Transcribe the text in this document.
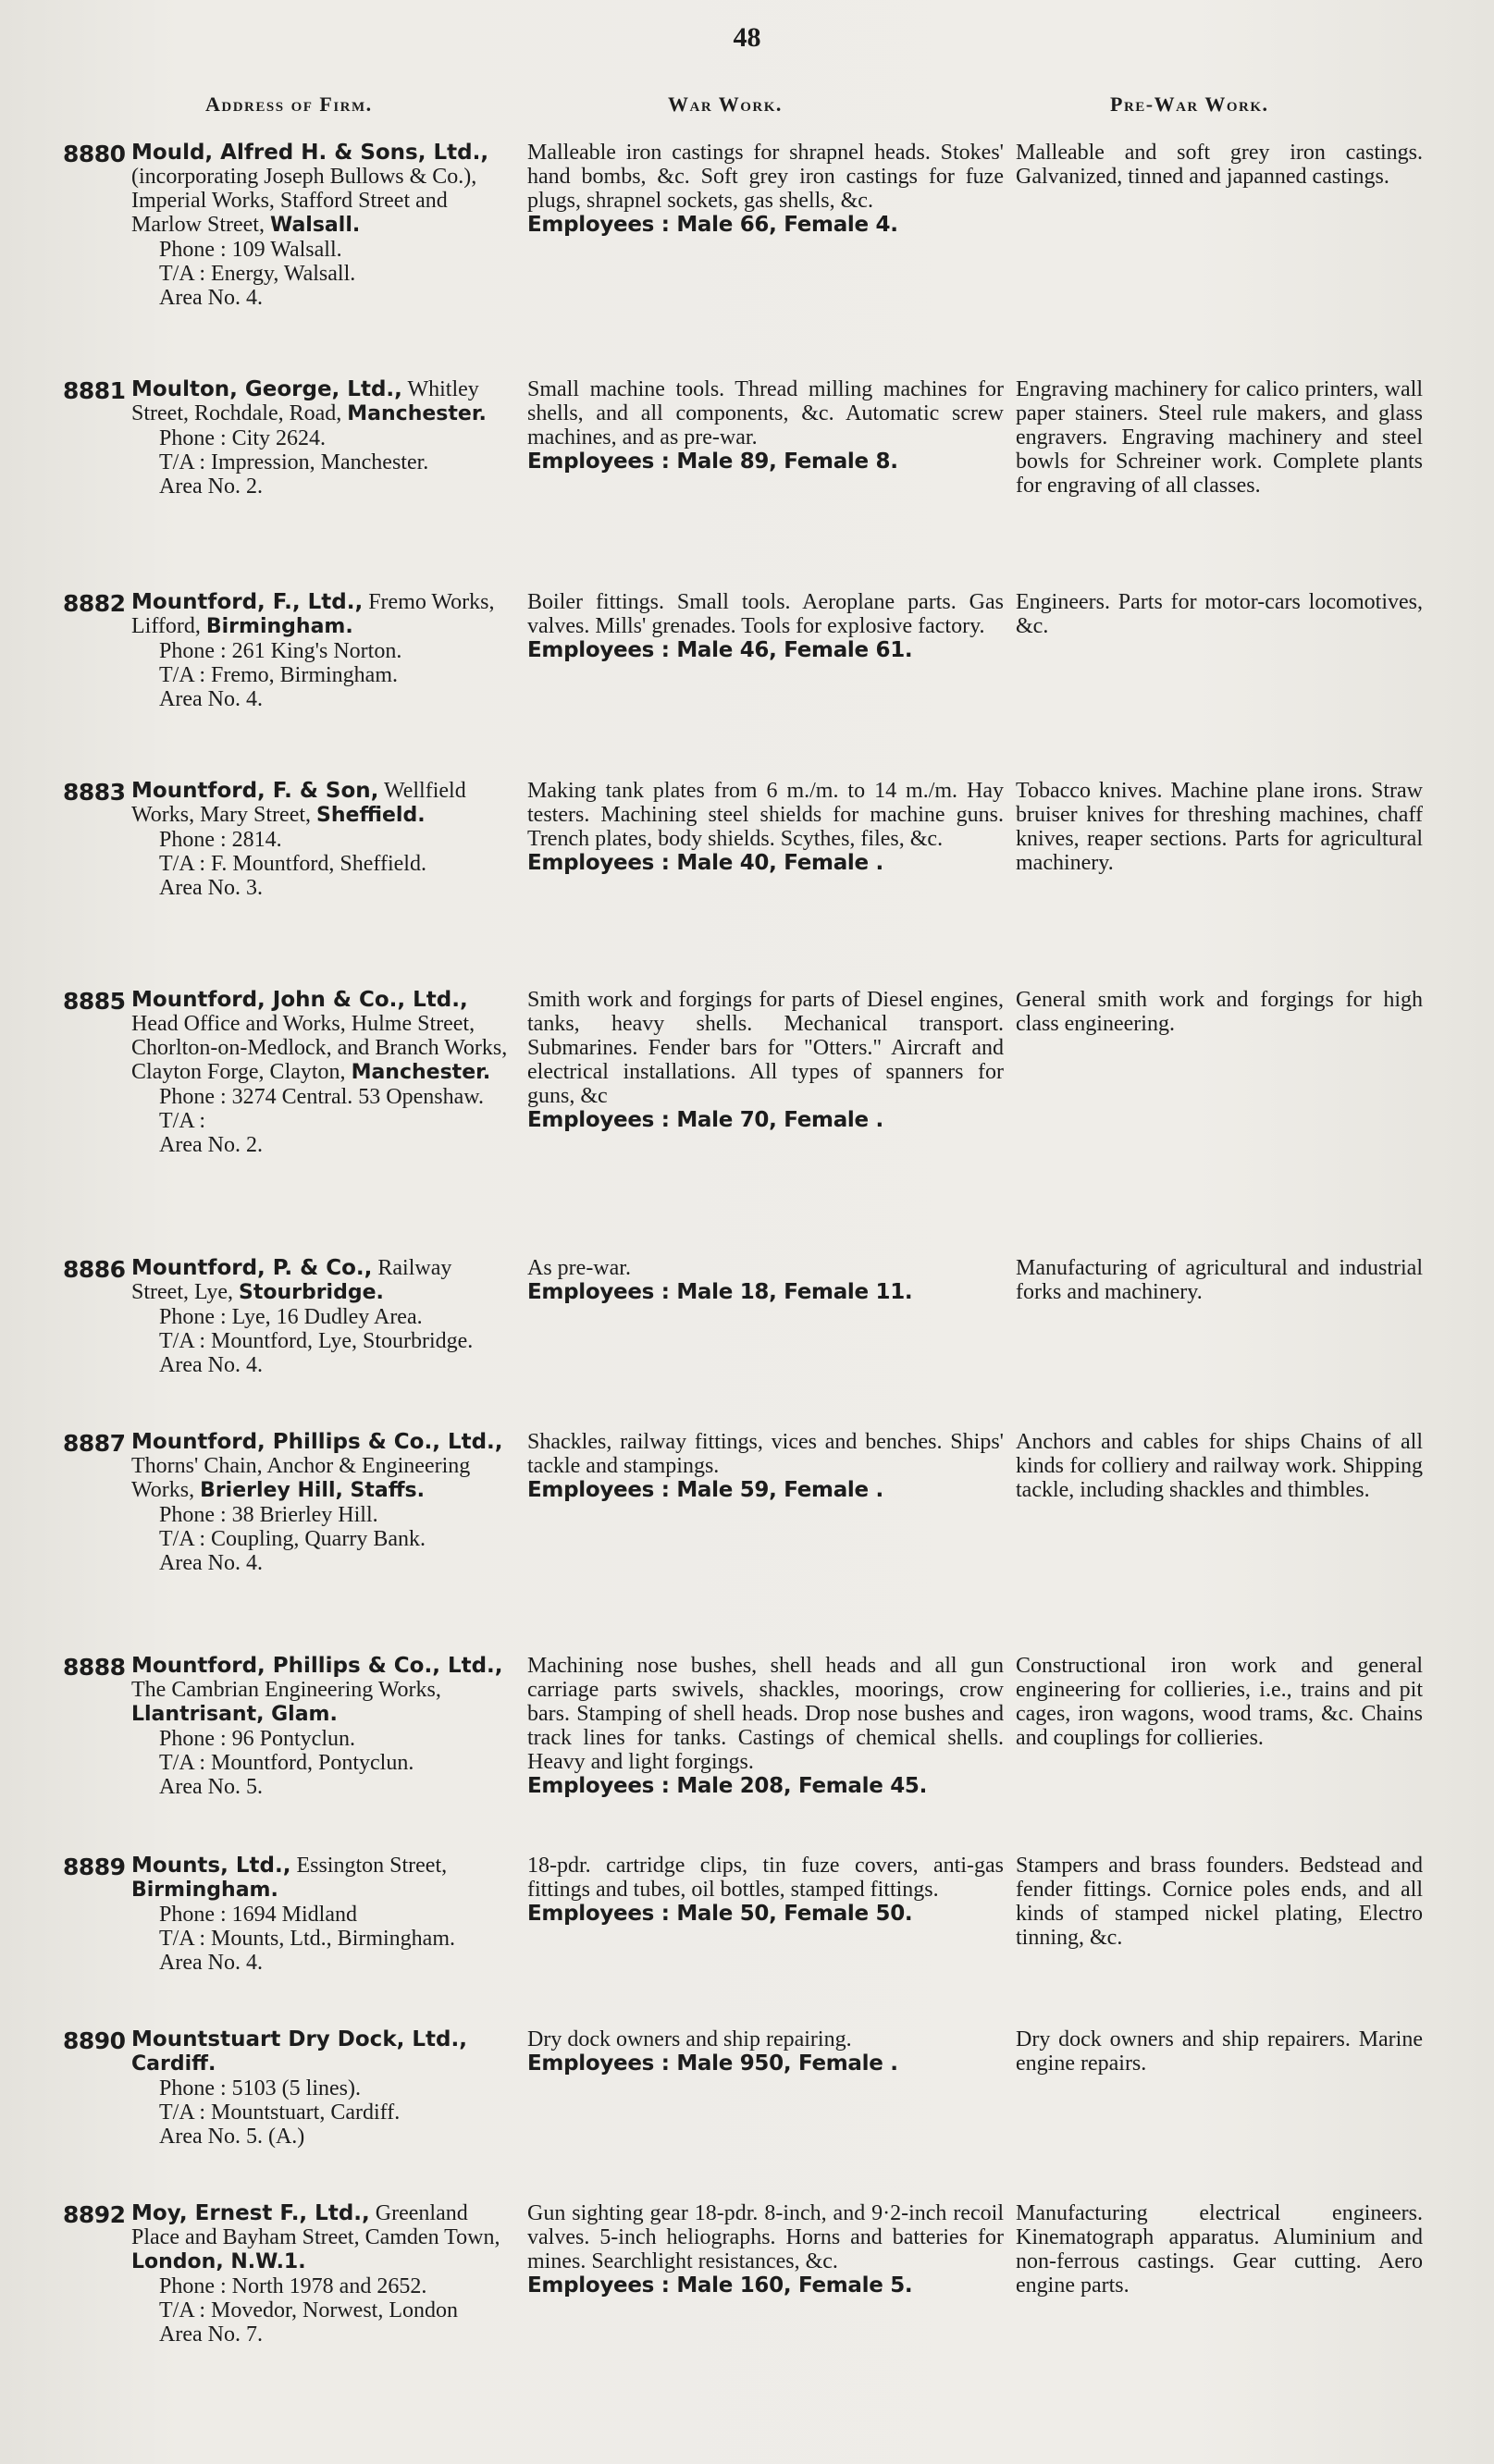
48
Address of Firm.	War Work.	Pre-War Work.
8880 Mould, Alfred H. & Sons, Ltd., (incorporating Joseph Bullows & Co.), Imperial Works, Stafford Street and Marlow Street, Walsall.
Phone : 109 Walsall.
T/A : Energy, Walsall.
Area No. 4.
Malleable iron castings for shrapnel heads. Stokes' hand bombs, &c. Soft grey iron castings for fuze plugs, shrapnel sockets, gas shells, &c.
Employees : Male 66, Female 4.
Malleable and soft grey iron castings. Galvanized, tinned and japanned castings.
8881 Moulton, George, Ltd., Whitley Street, Rochdale, Road, Manchester.
Phone : City 2624.
T/A : Impression, Manchester.
Area No. 2.
Small machine tools. Thread milling machines for shells, and all components, &c. Automatic screw machines, and as pre-war.
Employees : Male 89, Female 8.
Engraving machinery for calico printers, wall paper stainers. Steel rule makers, and glass engravers. Engraving machinery and steel bowls for Schreiner work. Complete plants for engraving of all classes.
8882 Mountford, F., Ltd., Fremo Works, Lifford, Birmingham.
Phone : 261 King's Norton.
T/A : Fremo, Birmingham.
Area No. 4.
Boiler fittings. Small tools. Aeroplane parts. Gas valves. Mills' grenades. Tools for explosive factory.
Employees : Male 46, Female 61.
Engineers. Parts for motor-cars locomotives, &c.
8883 Mountford, F. & Son, Wellfield Works, Mary Street, Sheffield.
Phone : 2814.
T/A : F. Mountford, Sheffield.
Area No. 3.
Making tank plates from 6 m./m. to 14 m./m. Hay testers. Machining steel shields for machine guns. Trench plates, body shields. Scythes, files, &c.
Employees : Male 40, Female .
Tobacco knives. Machine plane irons. Straw bruiser knives for threshing machines, chaff knives, reaper sections. Parts for agricultural machinery.
8885 Mountford, John & Co., Ltd., Head Office and Works, Hulme Street, Chorlton-on-Medlock, and Branch Works, Clayton Forge, Clayton, Manchester.
Phone : 3274 Central. 53 Openshaw.
T/A :
Area No. 2.
Smith work and forgings for parts of Diesel engines, tanks, heavy shells. Mechanical transport. Submarines. Fender bars for "Otters." Aircraft and electrical installations. All types of spanners for guns, &c
Employees : Male 70, Female .
General smith work and forgings for high class engineering.
8886 Mountford, P. & Co., Railway Street, Lye, Stourbridge.
Phone : Lye, 16 Dudley Area.
T/A : Mountford, Lye, Stourbridge.
Area No. 4.
As pre-war.
Employees : Male 18, Female 11.
Manufacturing of agricultural and industrial forks and machinery.
8887 Mountford, Phillips & Co., Ltd., Thorns' Chain, Anchor & Engineering Works, Brierley Hill, Staffs.
Phone : 38 Brierley Hill.
T/A : Coupling, Quarry Bank.
Area No. 4.
Shackles, railway fittings, vices and benches. Ships' tackle and stampings.
Employees : Male 59, Female .
Anchors and cables for ships Chains of all kinds for colliery and railway work. Shipping tackle, including shackles and thimbles.
8888 Mountford, Phillips & Co., Ltd., The Cambrian Engineering Works, Llantrisant, Glam.
Phone : 96 Pontyclun.
T/A : Mountford, Pontyclun.
Area No. 5.
Machining nose bushes, shell heads and all gun carriage parts swivels, shackles, moorings, crow bars. Stamping of shell heads. Drop nose bushes and track lines for tanks. Castings of chemical shells. Heavy and light forgings.
Employees : Male 208, Female 45.
Constructional iron work and general engineering for collieries, i.e., trains and pit cages, iron wagons, wood trams, &c. Chains and couplings for collieries.
8889 Mounts, Ltd., Essington Street, Birmingham.
Phone : 1694 Midland
T/A : Mounts, Ltd., Birmingham.
Area No. 4.
18-pdr. cartridge clips, tin fuze covers, anti-gas fittings and tubes, oil bottles, stamped fittings.
Employees : Male 50, Female 50.
Stampers and brass founders. Bedstead and fender fittings. Cornice poles ends, and all kinds of stamped nickel plating, Electro tinning, &c.
8890 Mountstuart Dry Dock, Ltd., Cardiff.
Phone : 5103 (5 lines).
T/A : Mountstuart, Cardiff.
Area No. 5. (A.)
Dry dock owners and ship repairing.
Employees : Male 950, Female .
Dry dock owners and ship repairers. Marine engine repairs.
8892 Moy, Ernest F., Ltd., Greenland Place and Bayham Street, Camden Town, London, N.W.1.
Phone : North 1978 and 2652.
T/A : Movedor, Norwest, London
Area No. 7.
Gun sighting gear 18-pdr. 8-inch, and 9·2-inch recoil valves. 5-inch heliographs. Horns and batteries for mines. Searchlight resistances, &c.
Employees : Male 160, Female 5.
Manufacturing electrical engineers. Kinematograph apparatus. Aluminium and non-ferrous castings. Gear cutting. Aero engine parts.
